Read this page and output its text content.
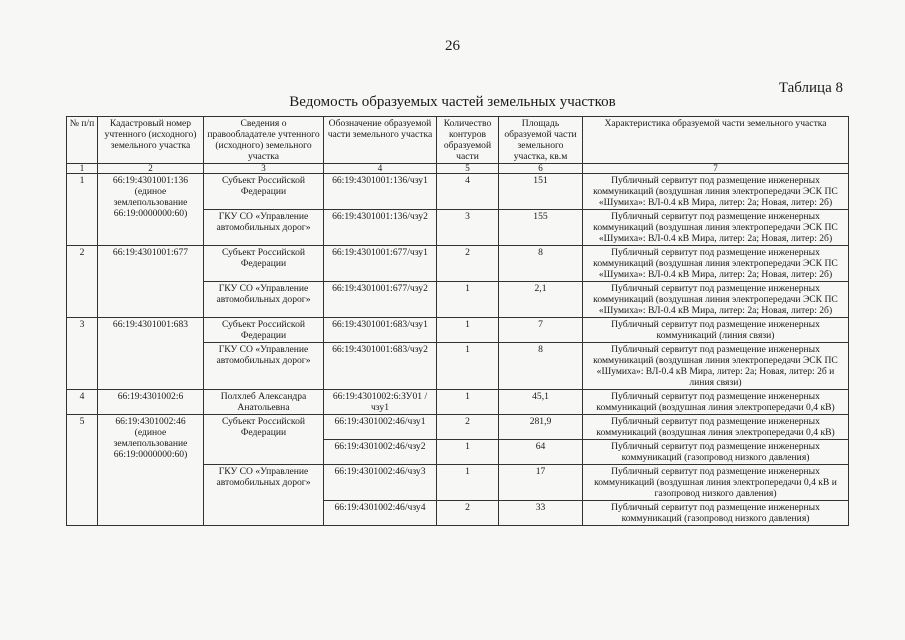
26
Таблица 8
Ведомость образуемых частей земельных участков
№ п/п	Кадастровый номер учтенного (исходного) земельного участка	Сведения о правообладателе учтенного (исходного) земельного участка	Обозначение образуемой части земельного участка	Количество контуров образуемой части	Площадь образуемой части земельного участка, кв.м	Характеристика образуемой части земельного участка
1	2	3	4	5	6	7
1	66:19:4301001:136 (единое землепользование 66:19:0000000:60)	Субъект Российской Федерации	66:19:4301001:136/чзу1	4	151	Публичный сервитут под размещение инженерных коммуникаций (воздушная линия электропередачи ЭСК ПС «Шумиха»: ВЛ-0.4 кВ Мира, литер: 2а; Новая, литер: 2б)
		ГКУ СО «Управление автомобильных дорог»	66:19:4301001:136/чзу2	3	155	Публичный сервитут под размещение инженерных коммуникаций (воздушная линия электропередачи ЭСК ПС «Шумиха»: ВЛ-0.4 кВ Мира, литер: 2а; Новая, литер: 2б)
2	66:19:4301001:677	Субъект Российской Федерации	66:19:4301001:677/чзу1	2	8	Публичный сервитут под размещение инженерных коммуникаций (воздушная линия электропередачи ЭСК ПС «Шумиха»: ВЛ-0.4 кВ Мира, литер: 2а; Новая, литер: 2б)
		ГКУ СО «Управление автомобильных дорог»	66:19:4301001:677/чзу2	1	2,1	Публичный сервитут под размещение инженерных коммуникаций (воздушная линия электропередачи ЭСК ПС «Шумиха»: ВЛ-0.4 кВ Мира, литер: 2а; Новая, литер: 2б)
3	66:19:4301001:683	Субъект Российской Федерации	66:19:4301001:683/чзу1	1	7	Публичный сервитут под размещение инженерных коммуникаций (линия связи)
		ГКУ СО «Управление автомобильных дорог»	66:19:4301001:683/чзу2	1	8	Публичный сервитут под размещение инженерных коммуникаций (воздушная линия электропередачи ЭСК ПС «Шумиха»: ВЛ-0.4 кВ Мира, литер: 2а; Новая, литер: 2б и линия связи)
4	66:19:4301002:6	Полхлеб Александра Анатольевна	66:19:4301002:6:ЗУ01 /чзу1	1	45,1	Публичный сервитут под размещение инженерных коммуникаций (воздушная линия электропередачи 0,4 кВ)
5	66:19:4301002:46 (единое землепользование 66:19:0000000:60)	Субъект Российской Федерации	66:19:4301002:46/чзу1	2	281,9	Публичный сервитут под размещение инженерных коммуникаций (воздушная линия электропередачи 0,4 кВ)
			66:19:4301002:46/чзу2	1	64	Публичный сервитут под размещение инженерных коммуникаций (газопровод низкого давления)
		ГКУ СО «Управление автомобильных дорог»	66:19:4301002:46/чзу3	1	17	Публичный сервитут под размещение инженерных коммуникаций (воздушная линия электропередачи 0,4 кВ и газопровод низкого давления)
			66:19:4301002:46/чзу4	2	33	Публичный сервитут под размещение инженерных коммуникаций (газопровод низкого давления)
